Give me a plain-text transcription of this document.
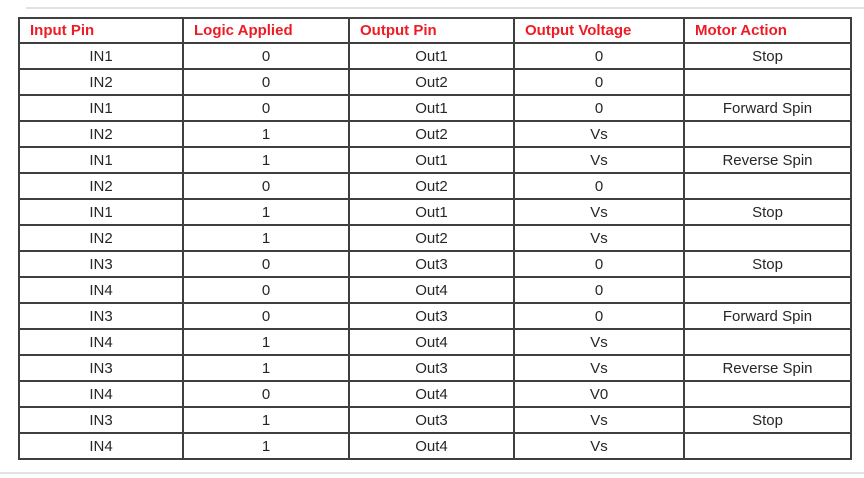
Input Pin	Logic Applied	Output Pin	Output Voltage	Motor Action
IN1	0	Out1	0	Stop
IN2	0	Out2	0	
IN1	0	Out1	0	Forward Spin
IN2	1	Out2	Vs	
IN1	1	Out1	Vs	Reverse Spin
IN2	0	Out2	0	
IN1	1	Out1	Vs	Stop
IN2	1	Out2	Vs	
IN3	0	Out3	0	Stop
IN4	0	Out4	0	
IN3	0	Out3	0	Forward Spin
IN4	1	Out4	Vs	
IN3	1	Out3	Vs	Reverse Spin
IN4	0	Out4	V0	
IN3	1	Out3	Vs	Stop
IN4	1	Out4	Vs	
